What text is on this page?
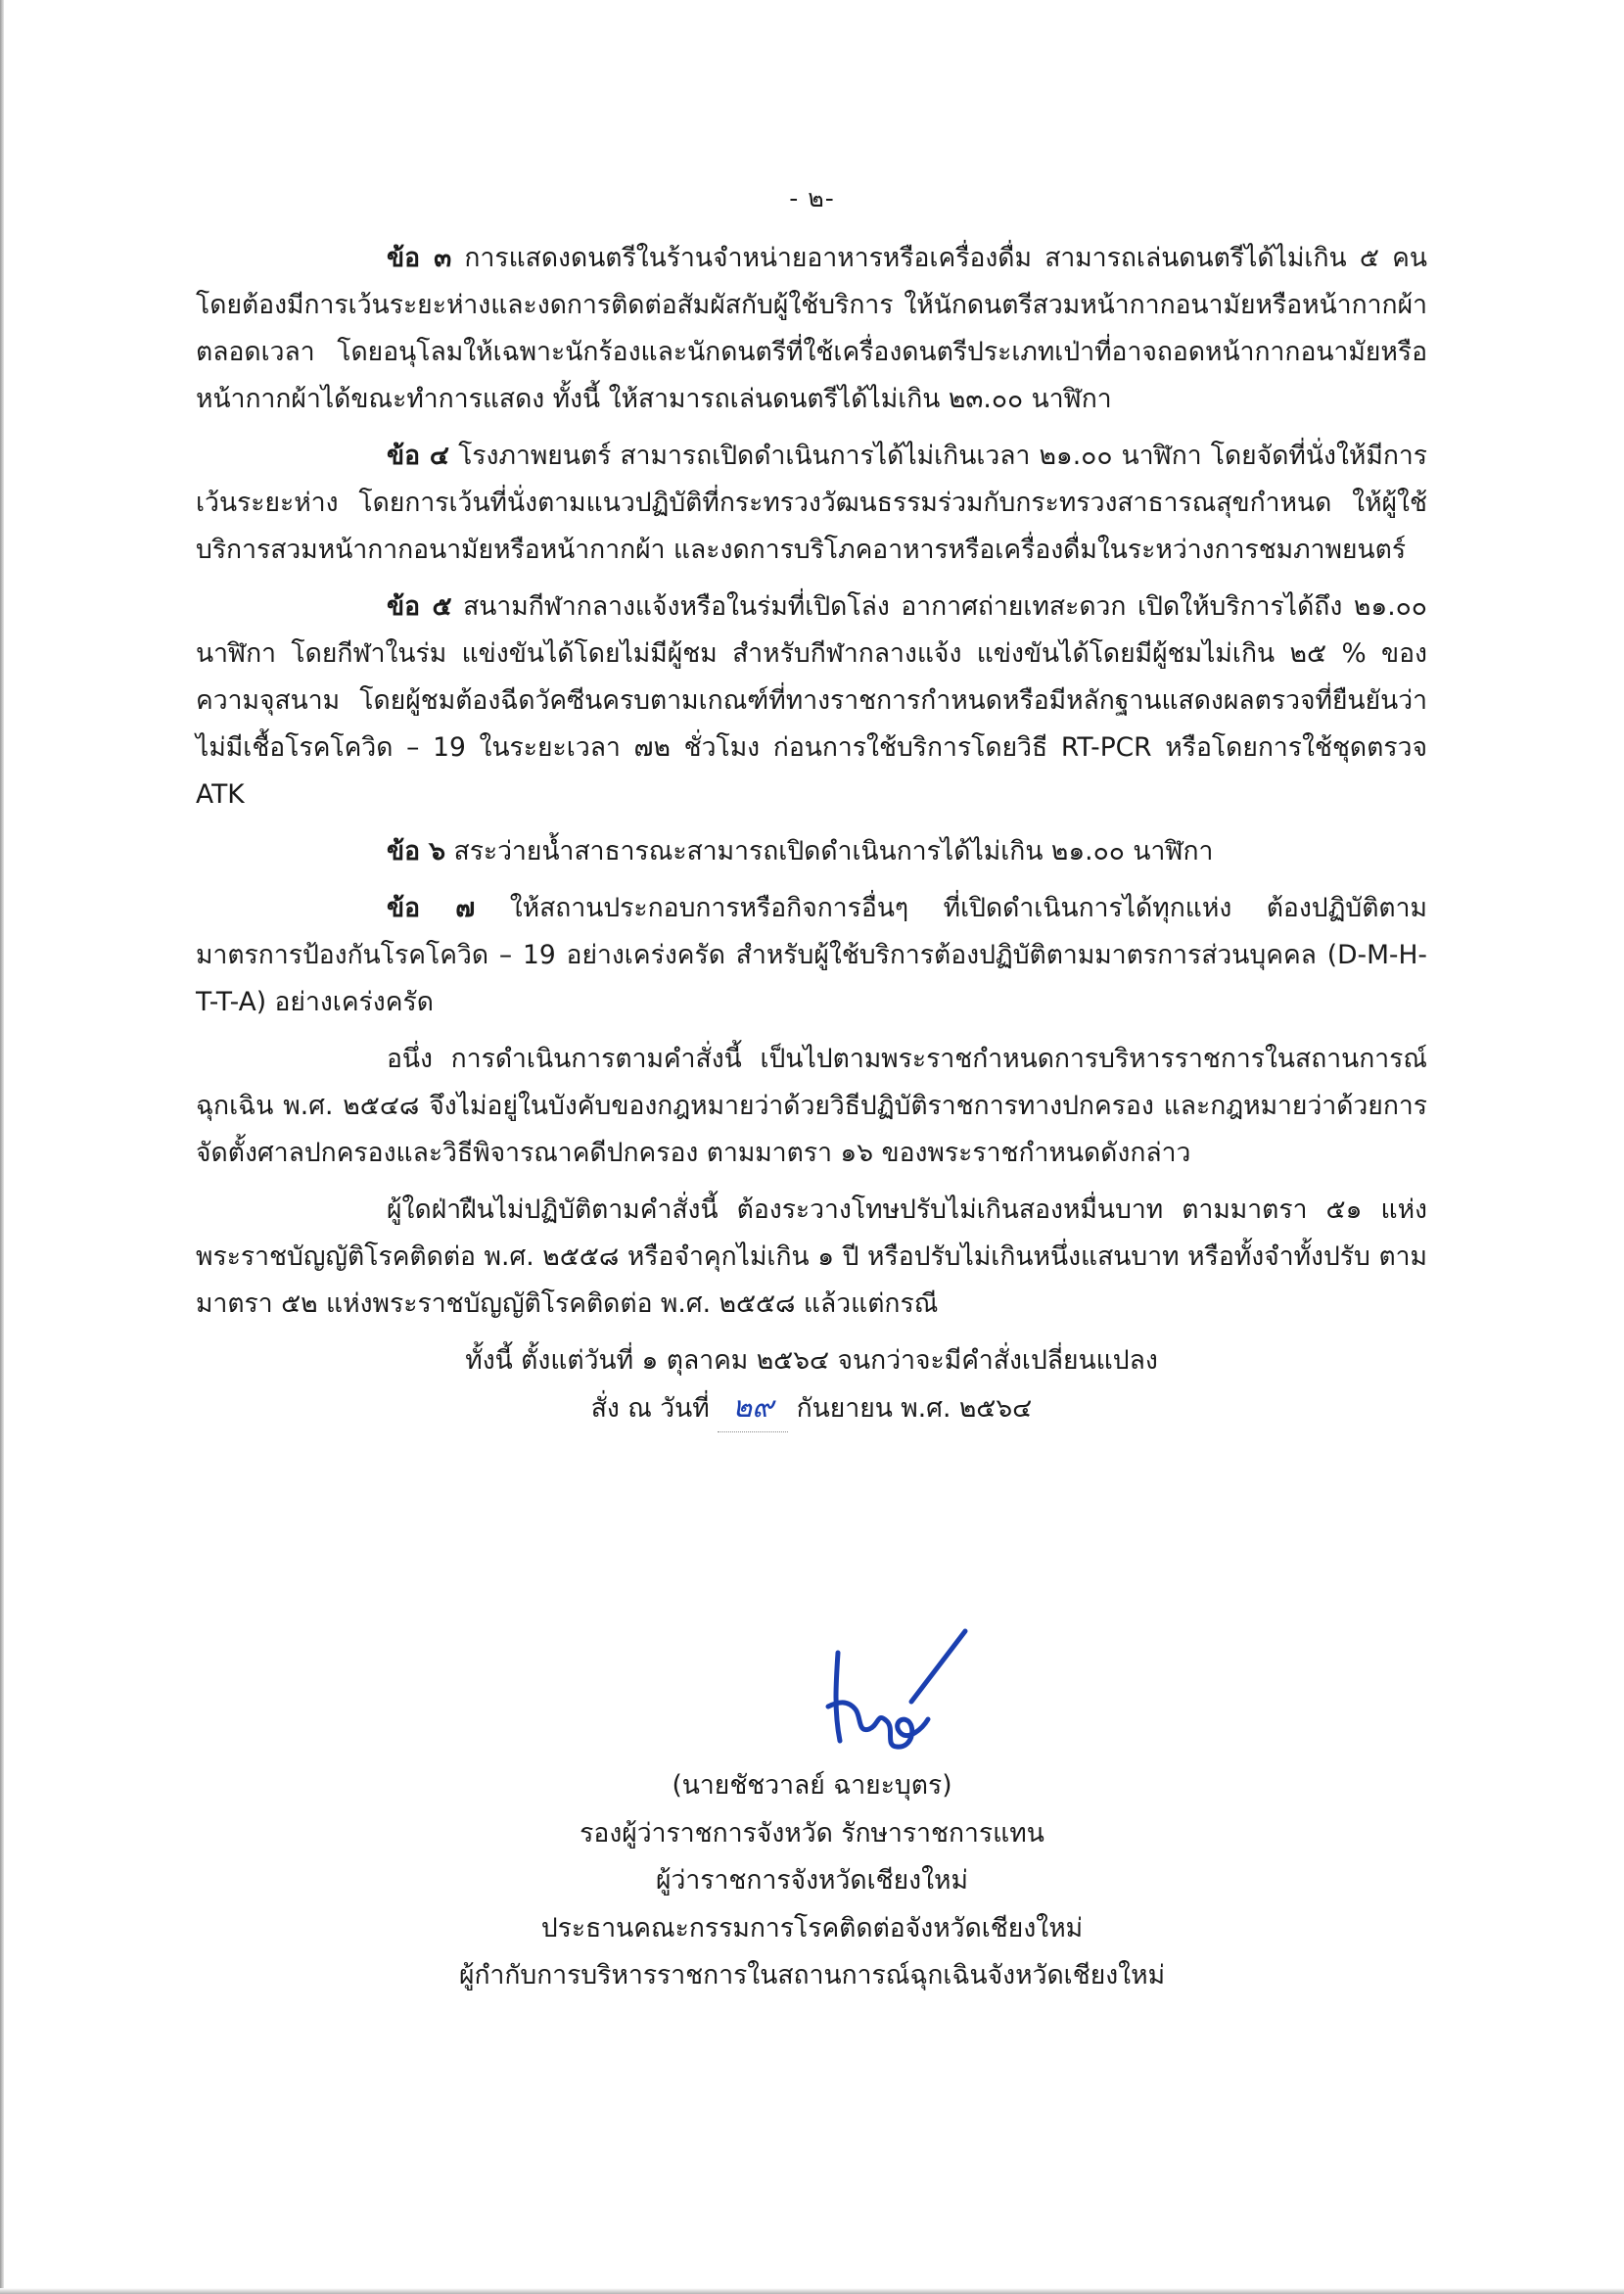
- ๒-

ข้อ ๓ การแสดงดนตรีในร้านจำหน่ายอาหารหรือเครื่องดื่ม สามารถเล่นดนตรีได้ไม่เกิน ๕ คน โดยต้องมีการเว้นระยะห่างและงดการติดต่อสัมผัสกับผู้ใช้บริการ ให้นักดนตรีสวมหน้ากากอนามัยหรือหน้ากากผ้าตลอดเวลา โดยอนุโลมให้เฉพาะนักร้องและนักดนตรีที่ใช้เครื่องดนตรีประเภทเป่าที่อาจถอดหน้ากากอนามัยหรือหน้ากากผ้าได้ขณะทำการแสดง ทั้งนี้ ให้สามารถเล่นดนตรีได้ไม่เกิน ๒๓.๐๐ นาฬิกา

ข้อ ๔ โรงภาพยนตร์ สามารถเปิดดำเนินการได้ไม่เกินเวลา ๒๑.๐๐ นาฬิกา โดยจัดที่นั่งให้มีการเว้นระยะห่าง โดยการเว้นที่นั่งตามแนวปฏิบัติที่กระทรวงวัฒนธรรมร่วมกับกระทรวงสาธารณสุขกำหนด ให้ผู้ใช้บริการสวมหน้ากากอนามัยหรือหน้ากากผ้า และงดการบริโภคอาหารหรือเครื่องดื่มในระหว่างการชมภาพยนตร์

ข้อ ๕ สนามกีฬากลางแจ้งหรือในร่มที่เปิดโล่ง อากาศถ่ายเทสะดวก เปิดให้บริการได้ถึง ๒๑.๐๐ นาฬิกา โดยกีฬาในร่ม แข่งขันได้โดยไม่มีผู้ชม สำหรับกีฬากลางแจ้ง แข่งขันได้โดยมีผู้ชมไม่เกิน ๒๕ % ของความจุสนาม โดยผู้ชมต้องฉีดวัคซีนครบตามเกณฑ์ที่ทางราชการกำหนดหรือมีหลักฐานแสดงผลตรวจที่ยืนยันว่าไม่มีเชื้อโรคโควิด – 19 ในระยะเวลา ๗๒ ชั่วโมง ก่อนการใช้บริการโดยวิธี RT-PCR หรือโดยการใช้ชุดตรวจ ATK

ข้อ ๖ สระว่ายน้ำสาธารณะสามารถเปิดดำเนินการได้ไม่เกิน ๒๑.๐๐ นาฬิกา

ข้อ ๗ ให้สถานประกอบการหรือกิจการอื่นๆ ที่เปิดดำเนินการได้ทุกแห่ง ต้องปฏิบัติตามมาตรการป้องกันโรคโควิด – 19 อย่างเคร่งครัด สำหรับผู้ใช้บริการต้องปฏิบัติตามมาตรการส่วนบุคคล (D-M-H-T-T-A) อย่างเคร่งครัด

อนึ่ง การดำเนินการตามคำสั่งนี้ เป็นไปตามพระราชกำหนดการบริหารราชการในสถานการณ์ฉุกเฉิน พ.ศ. ๒๕๔๘ จึงไม่อยู่ในบังคับของกฎหมายว่าด้วยวิธีปฏิบัติราชการทางปกครอง และกฎหมายว่าด้วยการจัดตั้งศาลปกครองและวิธีพิจารณาคดีปกครอง ตามมาตรา ๑๖ ของพระราชกำหนดดังกล่าว

ผู้ใดฝ่าฝืนไม่ปฏิบัติตามคำสั่งนี้ ต้องระวางโทษปรับไม่เกินสองหมื่นบาท ตามมาตรา ๕๑ แห่งพระราชบัญญัติโรคติดต่อ พ.ศ. ๒๕๕๘ หรือจำคุกไม่เกิน ๑ ปี หรือปรับไม่เกินหนึ่งแสนบาท หรือทั้งจำทั้งปรับ ตามมาตรา ๕๒ แห่งพระราชบัญญัติโรคติดต่อ พ.ศ. ๒๕๕๘ แล้วแต่กรณี

ทั้งนี้ ตั้งแต่วันที่ ๑ ตุลาคม ๒๕๖๔ จนกว่าจะมีคำสั่งเปลี่ยนแปลง

สั่ง ณ วันที่ ๒๙ กันยายน พ.ศ. ๒๕๖๔

(นายชัชวาลย์ ฉายะบุตร)
รองผู้ว่าราชการจังหวัด รักษาราชการแทน
ผู้ว่าราชการจังหวัดเชียงใหม่
ประธานคณะกรรมการโรคติดต่อจังหวัดเชียงใหม่
ผู้กำกับการบริหารราชการในสถานการณ์ฉุกเฉินจังหวัดเชียงใหม่
